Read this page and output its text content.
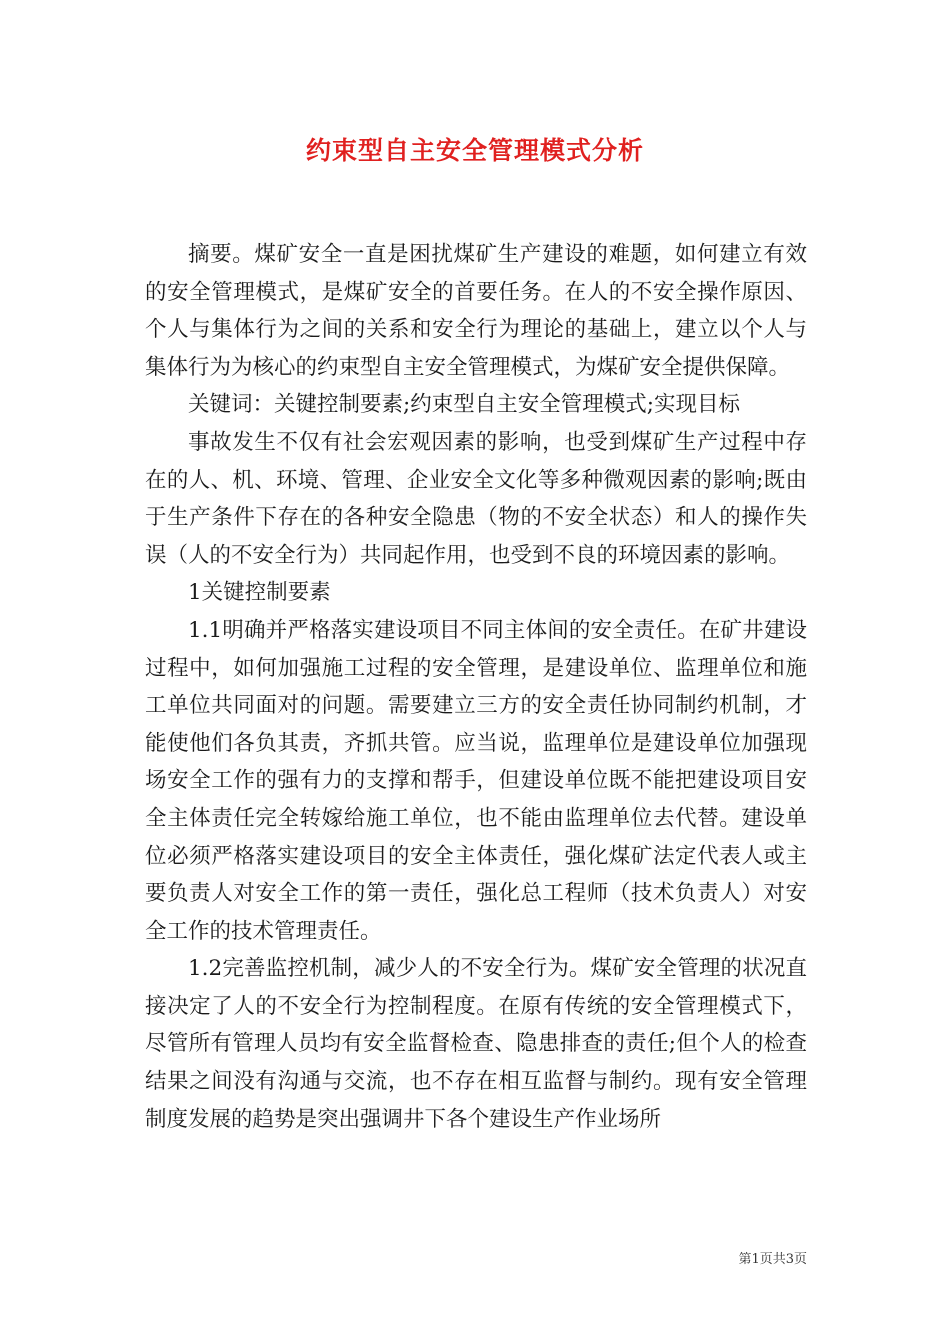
约束型自主安全管理模式分析

摘要。煤矿安全一直是困扰煤矿生产建设的难题，如何建立有效的安全管理模式，是煤矿安全的首要任务。在人的不安全操作原因、个人与集体行为之间的关系和安全行为理论的基础上，建立以个人与集体行为为核心的约束型自主安全管理模式，为煤矿安全提供保障。

关键词：关键控制要素;约束型自主安全管理模式;实现目标

事故发生不仅有社会宏观因素的影响，也受到煤矿生产过程中存在的人、机、环境、管理、企业安全文化等多种微观因素的影响;既由于生产条件下存在的各种安全隐患（物的不安全状态）和人的操作失误（人的不安全行为）共同起作用，也受到不良的环境因素的影响。

1关键控制要素

1.1明确并严格落实建设项目不同主体间的安全责任。在矿井建设过程中，如何加强施工过程的安全管理，是建设单位、监理单位和施工单位共同面对的问题。需要建立三方的安全责任协同制约机制，才能使他们各负其责，齐抓共管。应当说，监理单位是建设单位加强现场安全工作的强有力的支撑和帮手，但建设单位既不能把建设项目安全主体责任完全转嫁给施工单位，也不能由监理单位去代替。建设单位必须严格落实建设项目的安全主体责任，强化煤矿法定代表人或主要负责人对安全工作的第一责任，强化总工程师（技术负责人）对安全工作的技术管理责任。

1.2完善监控机制，减少人的不安全行为。煤矿安全管理的状况直接决定了人的不安全行为控制程度。在原有传统的安全管理模式下，尽管所有管理人员均有安全监督检查、隐患排查的责任;但个人的检查结果之间没有沟通与交流，也不存在相互监督与制约。现有安全管理制度发展的趋势是突出强调井下各个建设生产作业场所

第1页共3页
